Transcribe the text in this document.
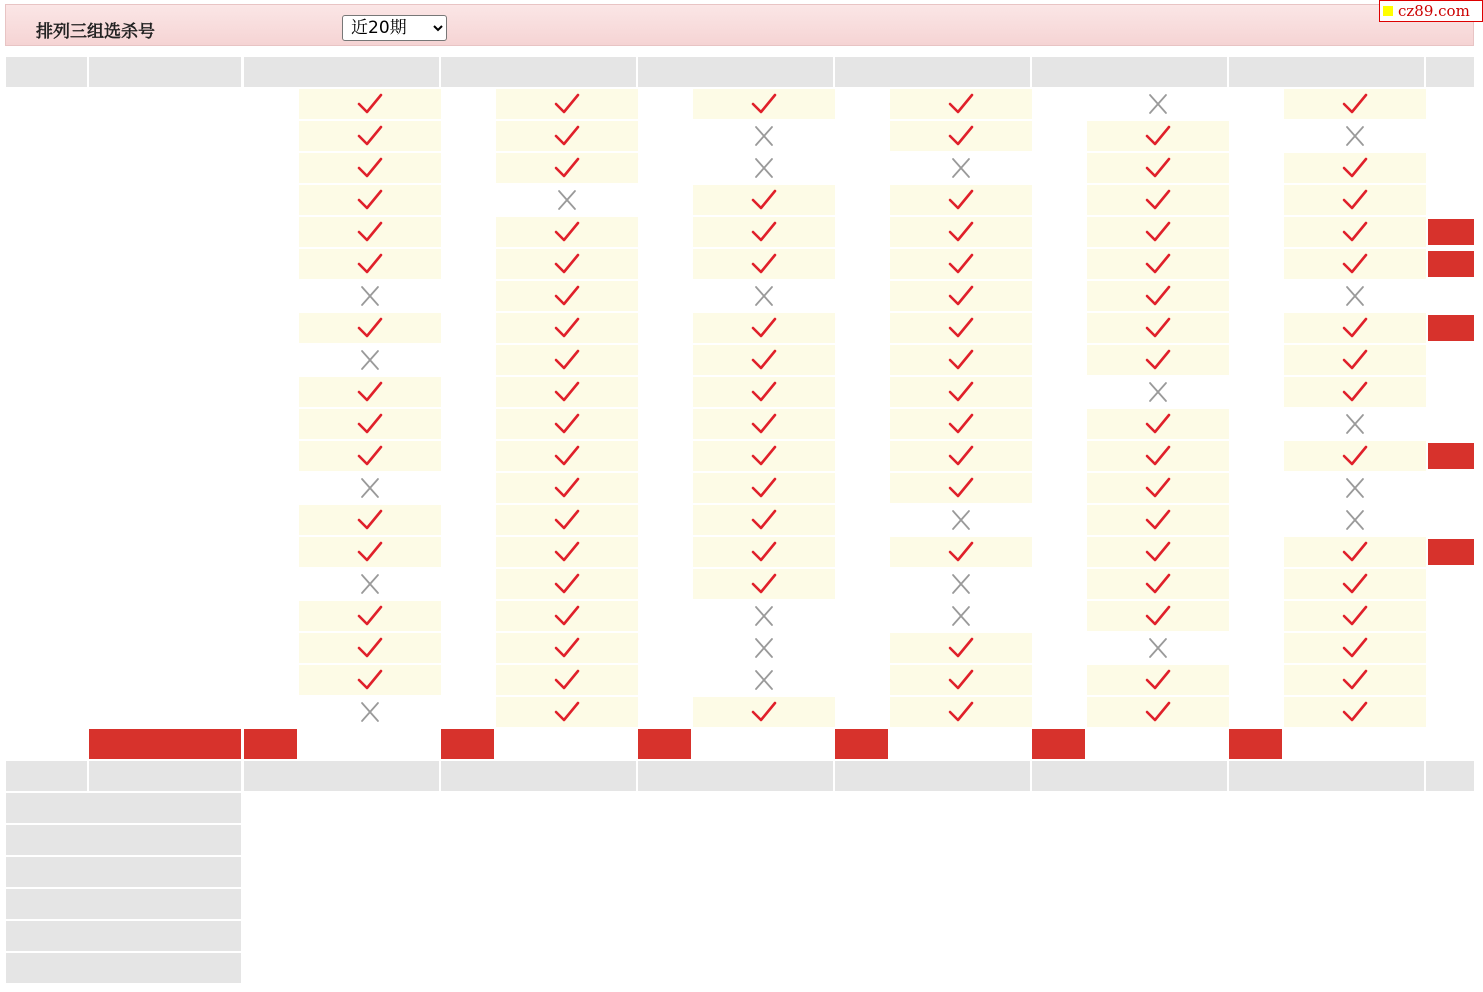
排列三组选杀号
近20期
cz89.com
